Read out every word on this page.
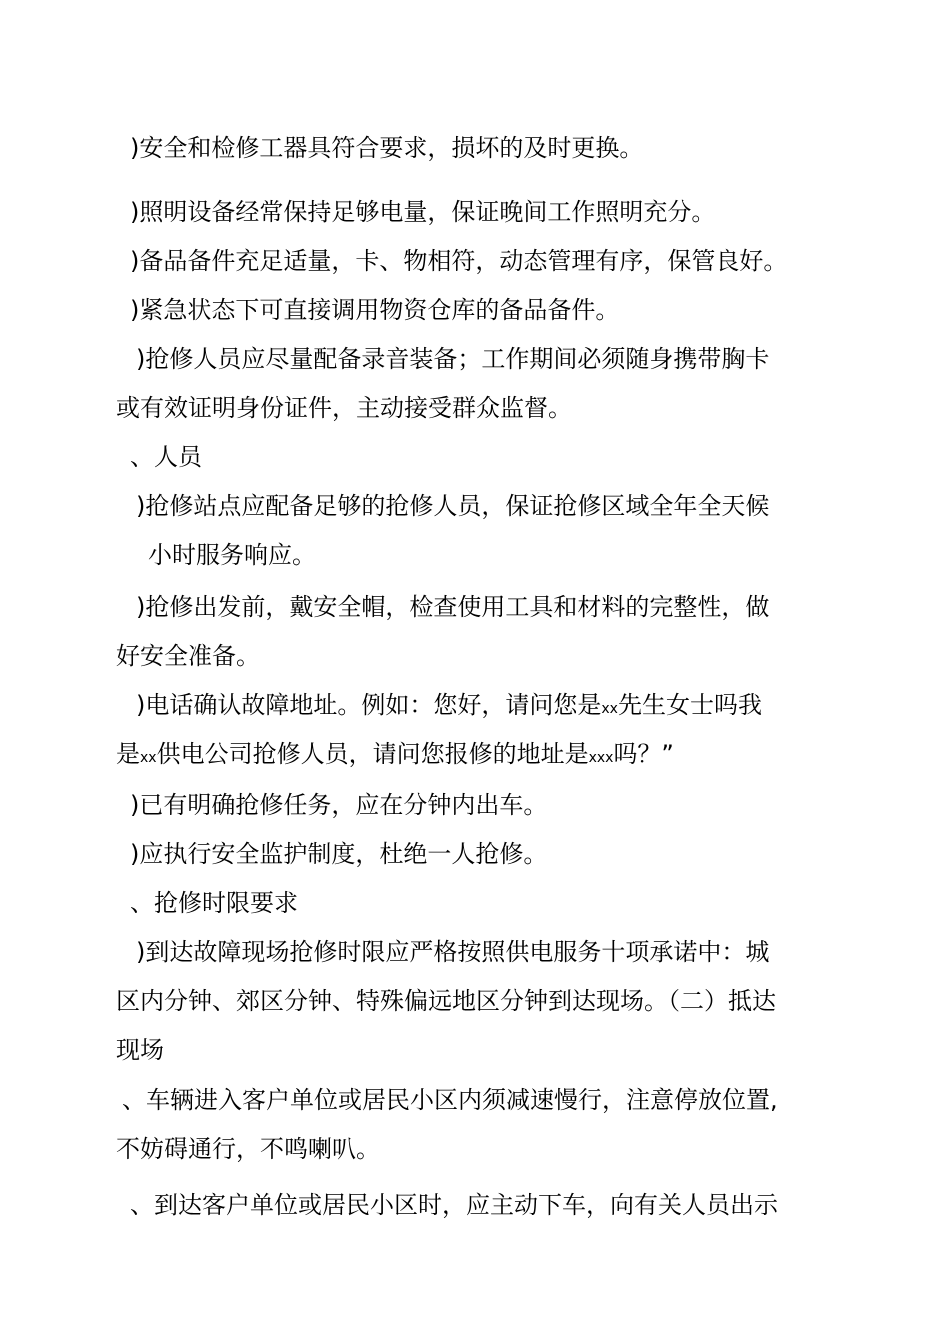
)安全和检修工器具符合要求，损坏的及时更换。
)照明设备经常保持足够电量，保证晚间工作照明充分。
)备品备件充足适量，卡、物相符，动态管理有序，保管良好。
)紧急状态下可直接调用物资仓库的备品备件。
)抢修人员应尽量配备录音装备；工作期间必须随身携带胸卡
或有效证明身份证件，主动接受群众监督。
、人员
)抢修站点应配备足够的抢修人员，保证抢修区域全年全天候
小时服务响应。
)抢修出发前，戴安全帽，检查使用工具和材料的完整性，做
好安全准备。
)电话确认故障地址。例如：您好，请问您是xx先生女士吗我
是xx供电公司抢修人员，请问您报修的地址是xxx吗？”
)已有明确抢修任务，应在分钟内出车。
)应执行安全监护制度，杜绝一人抢修。
、抢修时限要求
)到达故障现场抢修时限应严格按照供电服务十项承诺中：城
区内分钟、郊区分钟、特殊偏远地区分钟到达现场。（二）抵达
现场
、车辆进入客户单位或居民小区内须减速慢行，注意停放位置,
不妨碍通行，不鸣喇叭。
、到达客户单位或居民小区时，应主动下车，向有关人员出示
